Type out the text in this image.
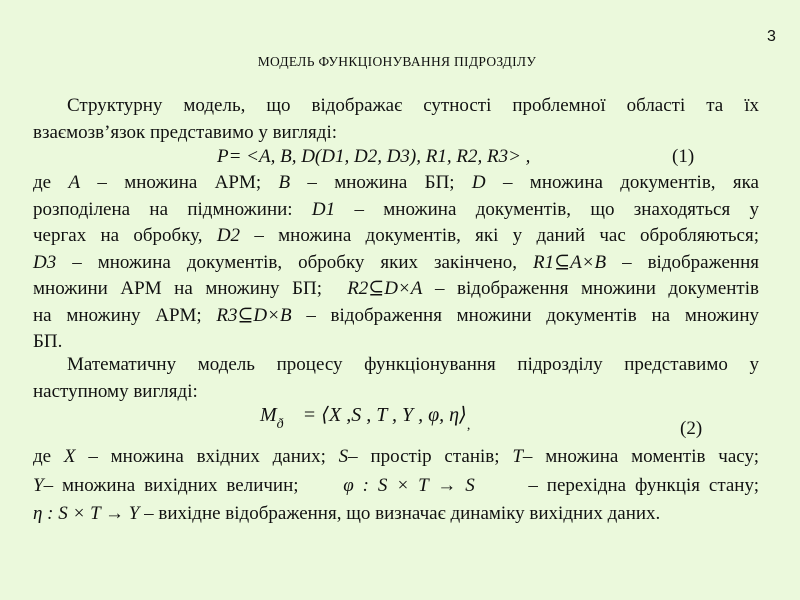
3
МОДЕЛЬ ФУНКЦІОНУВАННЯ ПІДРОЗДІЛУ
Структурну модель, що відображає сутності проблемної області та їх
взаємозв’язок представимо у вигляді:
P= <A, B, D(D1, D2, D3), R1, R2, R3> ,	(1)
де A – множина АРМ; B – множина БП; D – множина документів, яка
розподілена на підмножини: D1 – множина документів, що знаходяться у
чергах на обробку, D2 – множина документів, які у даний час обробляються;
D3 – множина документів, обробку яких закінчено, R1⊆A×B – відображення
множини АРМ на множину БП;  R2⊆D×A – відображення множини документів
на множину АРМ; R3⊆D×B – відображення множини документів на множину
БП.
Математичну модель процесу функціонування підрозділу представимо у
наступному вигляді:
$M_ð$ = ⟨X ,S , T , Y , φ, $\eta⟩_,$	(2)
де X – множина вхідних даних; S– простір станів; T– множина моментів часу;
Y– множина вихідних величин;     φ : S × T → S	– перехідна функція стану;
η : S × T → Y – вихідне відображення, що визначає динаміку вихідних даних.
